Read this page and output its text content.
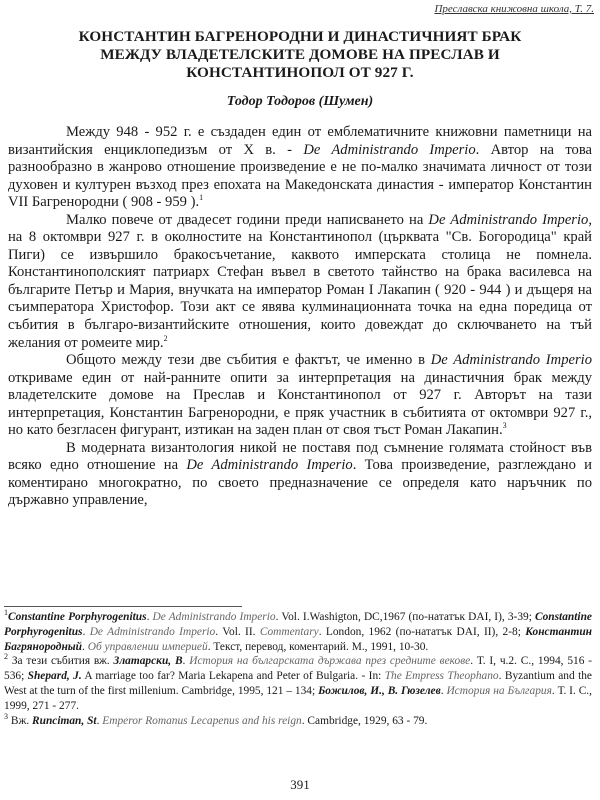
Преславска книжовна школа, Т. 7.
КОНСТАНТИН БАГРЕНОРОДНИ И ДИНАСТИЧНИЯТ БРАК
МЕЖДУ ВЛАДЕТЕЛСКИТЕ ДОМОВЕ НА ПРЕСЛАВ И
КОНСТАНТИНОПОЛ ОТ 927 Г.
Тодор Тодоров (Шумен)

Между 948 - 952 г. е създаден един от емблематичните книжовни паметници на византийския енциклопедизъм от X в. - De Administrando Imperio. Автор на това разнообразно в жанрово отношение произведение е не по-малко значимата личност от този духовен и културен възход през епохата на Македонската династия - император Константин VII Багренородни ( 908 - 959 ).$^1$

Малко повече от двадесет години преди написването на De Administrando Imperio, на 8 октомври 927 г. в околностите на Константинопол (църквата "Св. Богородица" край Пиги) се извършило бракосъчетание, каквото имперската столица не помнела. Константинополският патриарх Стефан въвел в светото тайнство на брака василевса на българите Петър и Мария, внучката на император Роман I Лакапин ( 920 - 944 ) и дъщеря на съимператора Христофор. Този акт се явява кулминационната точка на една поредица от събития в българо-византийските отношения, които довеждат до сключването на тъй желания от ромеите мир.$^2$

Общото между тези две събития е фактът, че именно в De Administrando Imperio откриваме един от най-ранните опити за интерпретация на династичния брак между владетелските домове на Преслав и Константинопол от 927 г. Авторът на тази интерпретация, Константин Багренородни, е пряк участник в събитията от октомври 927 г., но като безгласен фигурант, изтикан на заден план от своя тъст Роман Лакапин.$^3$

В модерната византология никой не поставя под съмнение голямата стойност във всяко едно отношение на De Administrando Imperio. Това произведение, разглеждано и коментирано многократно, по своето предназначение се определя като наръчник по държавно управление,

$^1$Constantine Porphyrogenitus. De Administrando Imperio. Vol. I.Washigton, DC,1967 (по-нататък DAI, I), 3-39; Constantine Porphyrogenitus. De Administrando Imperio. Vol. II. Commentary. London, 1962 (по-нататък DAI, II), 2-8; Константин Багрянородный. Об управлении империей. Текст, перевод, коментарий. М., 1991, 10-30.

$^2$ За тези събития вж. Златарски, В. История на българската държава през средните векове. Т. I, ч.2. С., 1994, 516 - 536; Shepard, J. A marriage too far? Maria Lekapena and Peter of Bulgaria. - In: The Empress Theophano. Byzantium and the West at the turn of the first millenium. Cambridge, 1995, 121 – 134; Божилов, И., В. Гюзелев. История на България. Т. I. С., 1999, 271 - 277.

$^3$ Вж. Runciman, St. Emperor Romanus Lecapenus and his reign. Cambridge, 1929, 63 - 79.

391
